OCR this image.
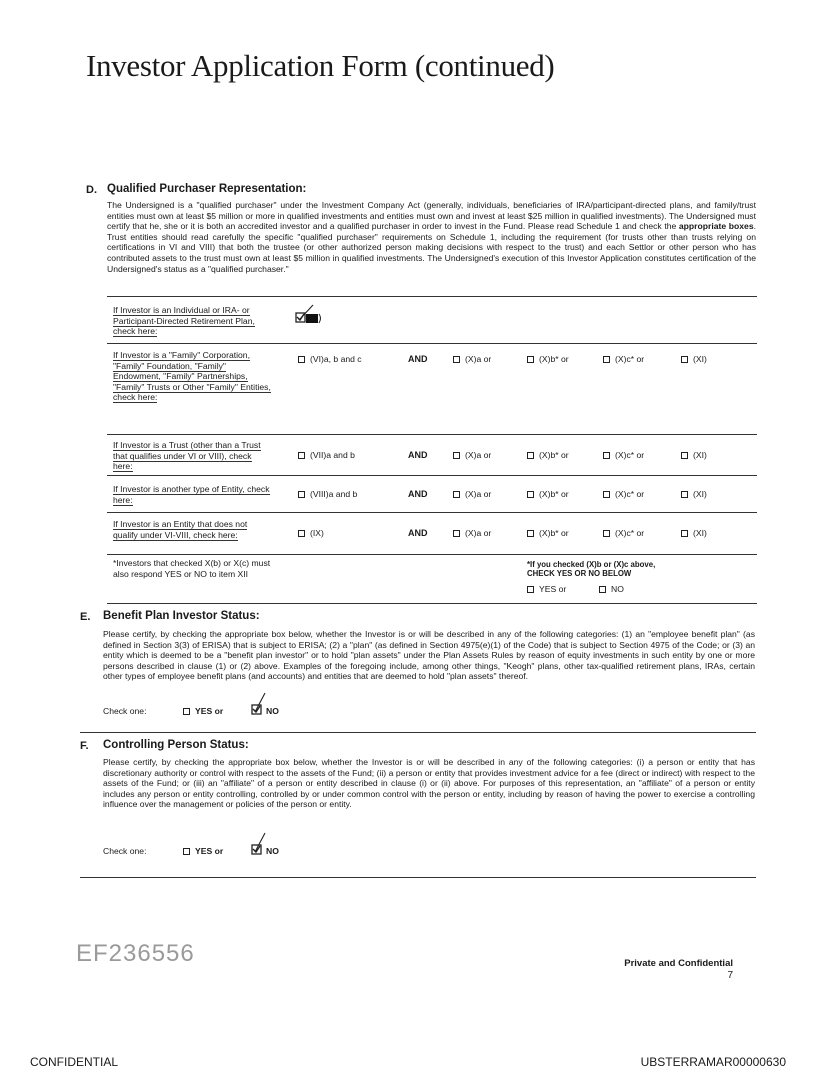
Investor Application Form (continued)
D. Qualified Purchaser Representation:
The Undersigned is a "qualified purchaser" under the Investment Company Act (generally, individuals, beneficiaries of IRA/participant-directed plans, and family/trust entities must own at least $5 million or more in qualified investments and entities must own and invest at least $25 million in qualified investments). The Undersigned must certify that he, she or it is both an accredited investor and a qualified purchaser in order to invest in the Fund. Please read Schedule 1 and check the appropriate boxes. Trust entities should read carefully the specific "qualified purchaser" requirements on Schedule 1, including the requirement (for trusts other than trusts relying on certifications in VI and VIII) that both the trustee (or other authorized person making decisions with respect to the trust) and each Settlor or other person who has contributed assets to the trust must own at least $5 million in qualified investments. The Undersigned's execution of this Investor Application constitutes certification of the Undersigned's status as a "qualified purchaser."
If Investor is an Individual or IRA- or Participant-Directed Retirement Plan, check here:
If Investor is a "Family" Corporation, "Family" Foundation, "Family" Endowment, "Family" Partnerships, "Family" Trusts or Other "Family" Entities, check here:
(VI)a, b and c	AND	(X)a or	(X)b* or	(X)c* or	(XI)
If Investor is a Trust (other than a Trust that qualifies under VI or VIII), check here:
(VII)a and b	AND	(X)a or	(X)b* or	(X)c* or	(XI)
If Investor is another type of Entity, check here:
(VIII)a and b	AND	(X)a or	(X)b* or	(X)c* or	(XI)
If Investor is an Entity that does not qualify under VI-VIII, check here:	(IX)	AND	(X)a or	(X)b* or	(X)c* or	(XI)
*Investors that checked X(b) or X(c) must also respond YES or NO to item XII
*If you checked (X)b or (X)c above,
CHECK YES OR NO BELOW
YES or	NO
E. Benefit Plan Investor Status:
Please certify, by checking the appropriate box below, whether the Investor is or will be described in any of the following categories: (1) an "employee benefit plan" (as defined in Section 3(3) of ERISA) that is subject to ERISA; (2) a "plan" (as defined in Section 4975(e)(1) of the Code) that is subject to Section 4975 of the Code; or (3) an entity which is deemed to be a "benefit plan investor" or to hold "plan assets" under the Plan Assets Rules by reason of equity investments in such entity by one or more persons described in clause (1) or (2) above. Examples of the foregoing include, among other things, "Keogh" plans, other tax-qualified retirement plans, IRAs, certain other types of employee benefit plans (and accounts) and entities that are deemed to hold "plan assets" thereof.
Check one:	YES or	NO
F. Controlling Person Status:
Please certify, by checking the appropriate box below, whether the Investor is or will be described in any of the following categories: (i) a person or entity that has discretionary authority or control with respect to the assets of the Fund; (ii) a person or entity that provides investment advice for a fee (direct or indirect) with respect to the assets of the Fund; or (iii) an "affiliate" of a person or entity described in clause (i) or (ii) above. For purposes of this representation, an "affiliate" of a person or entity includes any person or entity controlling, controlled by or under common control with the person or entity, including by reason of having the power to exercise a controlling influence over the management or policies of the person or entity.
Check one:	YES or	NO
EF236556	Private and Confidential
7
CONFIDENTIAL	UBSTERRAMAR00000630
